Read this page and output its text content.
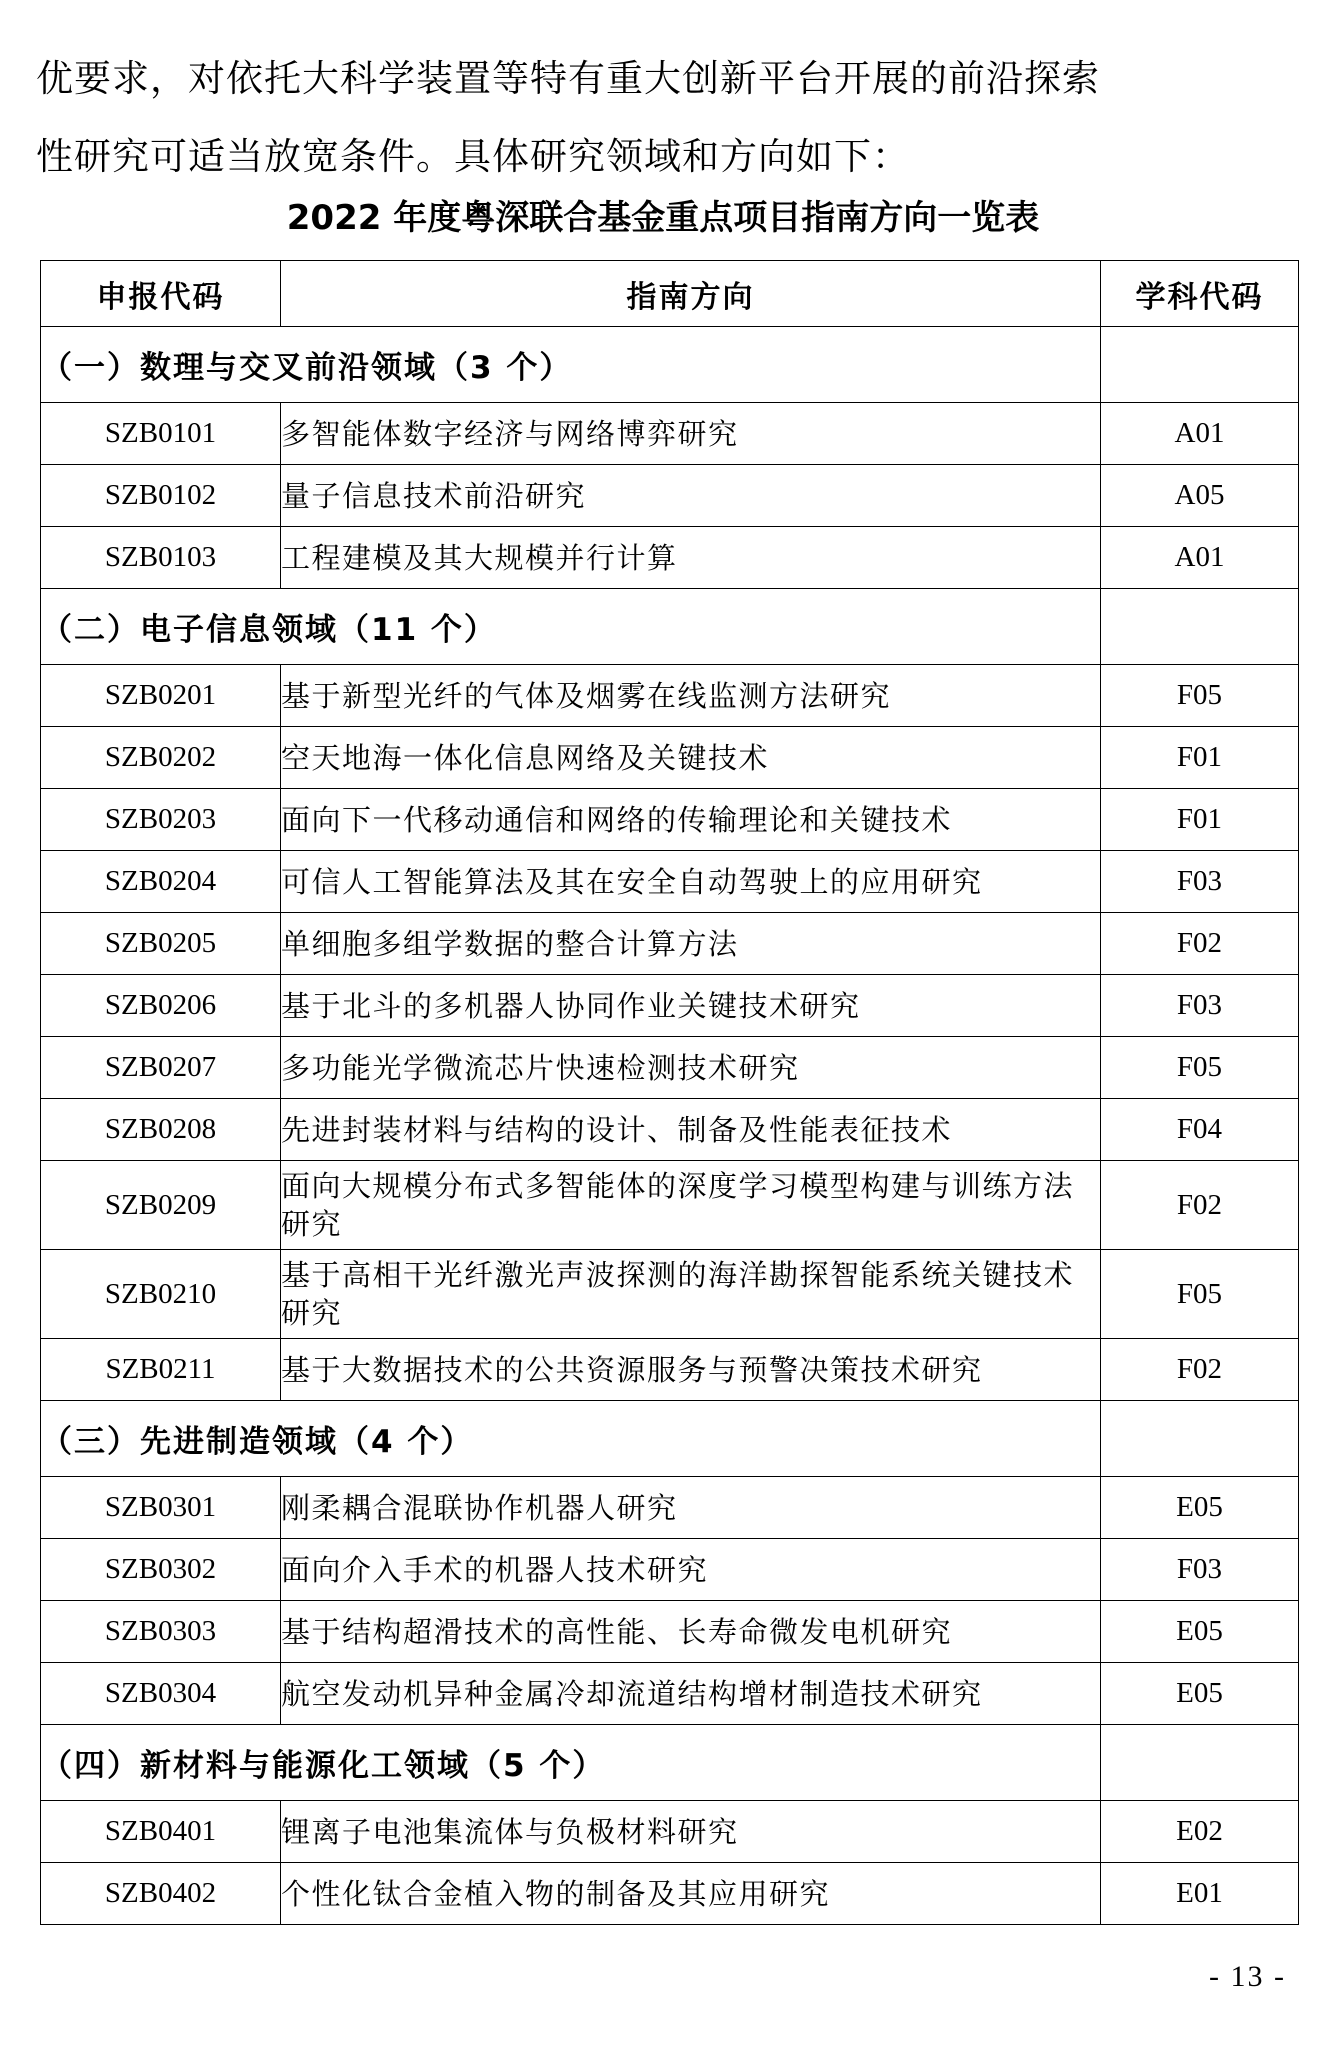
优要求，对依托大科学装置等特有重大创新平台开展的前沿探索
性研究可适当放宽条件。具体研究领域和方向如下：
2022 年度粤深联合基金重点项目指南方向一览表
申报代码	指南方向	学科代码
（一）数理与交叉前沿领域（3 个）		
SZB0101	多智能体数字经济与网络博弈研究	A01
SZB0102	量子信息技术前沿研究	A05
SZB0103	工程建模及其大规模并行计算	A01
（二）电子信息领域（11 个）		
SZB0201	基于新型光纤的气体及烟雾在线监测方法研究	F05
SZB0202	空天地海一体化信息网络及关键技术	F01
SZB0203	面向下一代移动通信和网络的传输理论和关键技术	F01
SZB0204	可信人工智能算法及其在安全自动驾驶上的应用研究	F03
SZB0205	单细胞多组学数据的整合计算方法	F02
SZB0206	基于北斗的多机器人协同作业关键技术研究	F03
SZB0207	多功能光学微流芯片快速检测技术研究	F05
SZB0208	先进封装材料与结构的设计、制备及性能表征技术	F04
SZB0209	面向大规模分布式多智能体的深度学习模型构建与训练方法研究	F02
SZB0210	基于高相干光纤激光声波探测的海洋勘探智能系统关键技术研究	F05
SZB0211	基于大数据技术的公共资源服务与预警决策技术研究	F02
（三）先进制造领域（4 个）		
SZB0301	刚柔耦合混联协作机器人研究	E05
SZB0302	面向介入手术的机器人技术研究	F03
SZB0303	基于结构超滑技术的高性能、长寿命微发电机研究	E05
SZB0304	航空发动机异种金属冷却流道结构增材制造技术研究	E05
（四）新材料与能源化工领域（5 个）		
SZB0401	锂离子电池集流体与负极材料研究	E02
SZB0402	个性化钛合金植入物的制备及其应用研究	E01
- 13 -
